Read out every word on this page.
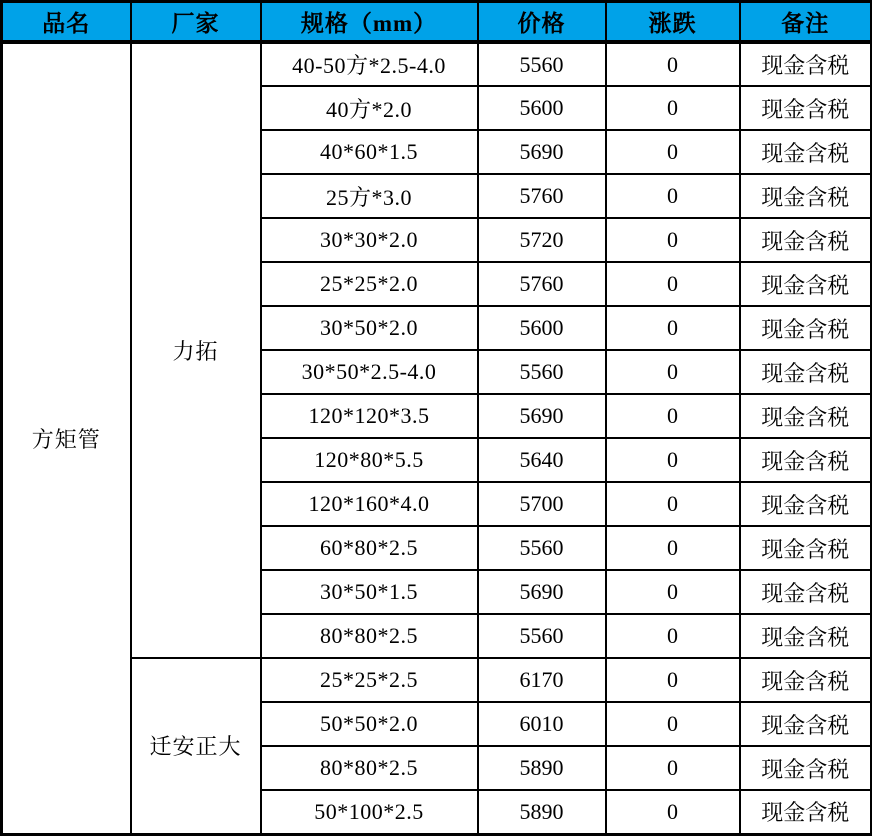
品名	厂家	规格（mm）	价格	涨跌	备注
方矩管	力拓	40-50方*2.5-4.0	5560	0	现金含税
		40方*2.0	5600	0	现金含税
		40*60*1.5	5690	0	现金含税
		25方*3.0	5760	0	现金含税
		30*30*2.0	5720	0	现金含税
		25*25*2.0	5760	0	现金含税
		30*50*2.0	5600	0	现金含税
		30*50*2.5-4.0	5560	0	现金含税
		120*120*3.5	5690	0	现金含税
		120*80*5.5	5640	0	现金含税
		120*160*4.0	5700	0	现金含税
		60*80*2.5	5560	0	现金含税
		30*50*1.5	5690	0	现金含税
		80*80*2.5	5560	0	现金含税
	迁安正大	25*25*2.5	6170	0	现金含税
		50*50*2.0	6010	0	现金含税
		80*80*2.5	5890	0	现金含税
		50*100*2.5	5890	0	现金含税
